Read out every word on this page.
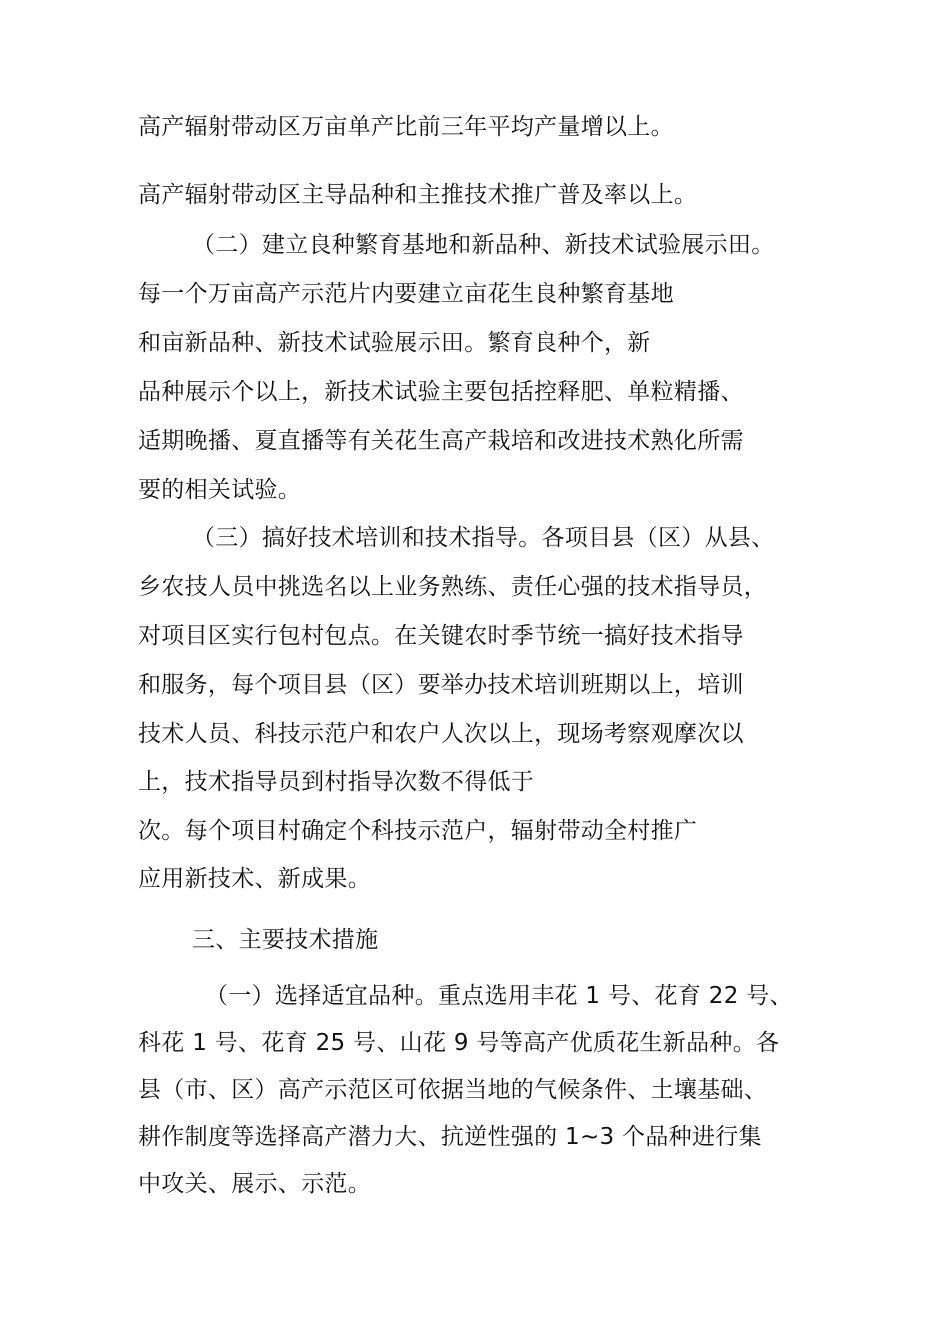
高产辐射带动区万亩单产比前三年平均产量增以上。
高产辐射带动区主导品种和主推技术推广普及率以上。
（二）建立良种繁育基地和新品种、新技术试验展示田。
每一个万亩高产示范片内要建立亩花生良种繁育基地
和亩新品种、新技术试验展示田。繁育良种个，新
品种展示个以上，新技术试验主要包括控释肥、单粒精播、
适期晚播、夏直播等有关花生高产栽培和改进技术熟化所需
要的相关试验。
（三）搞好技术培训和技术指导。各项目县（区）从县、
乡农技人员中挑选名以上业务熟练、责任心强的技术指导员，
对项目区实行包村包点。在关键农时季节统一搞好技术指导
和服务，每个项目县（区）要举办技术培训班期以上，培训
技术人员、科技示范户和农户人次以上，现场考察观摩次以
上，技术指导员到村指导次数不得低于
次。每个项目村确定个科技示范户，辐射带动全村推广
应用新技术、新成果。
三、主要技术措施
（一）选择适宜品种。重点选用丰花 1 号、花育 22 号、
科花 1 号、花育 25 号、山花 9 号等高产优质花生新品种。各
县（市、区）高产示范区可依据当地的气候条件、土壤基础、
耕作制度等选择高产潜力大、抗逆性强的 1~3 个品种进行集
中攻关、展示、示范。
